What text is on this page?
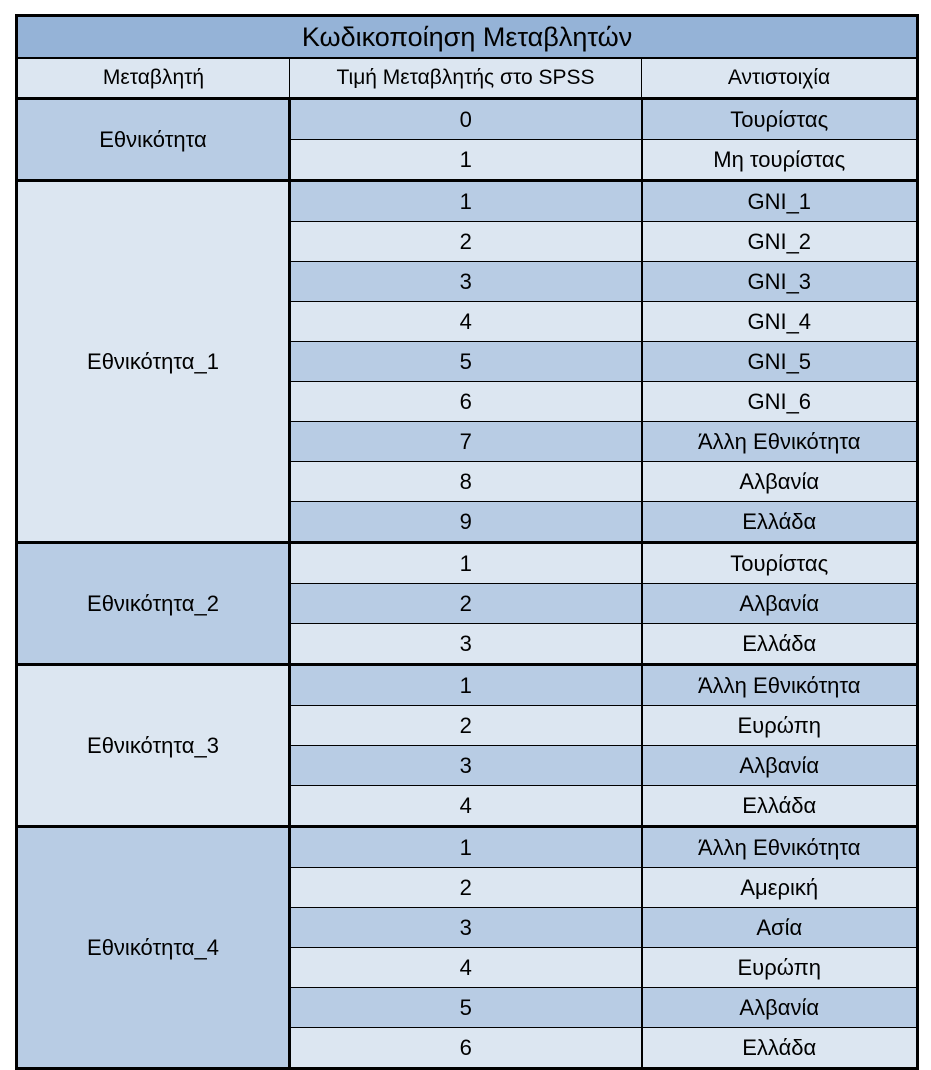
Κωδικοποίηση Μεταβλητών		
Μεταβλητή	Τιμή Μεταβλητής στο SPSS	Αντιστοιχία
Εθνικότητα	0	Τουρίστας
	1	Μη τουρίστας
Εθνικότητα_1	1	GNI_1
	2	GNI_2
	3	GNI_3
	4	GNI_4
	5	GNI_5
	6	GNI_6
	7	Άλλη Εθνικότητα
	8	Αλβανία
	9	Ελλάδα
Εθνικότητα_2	1	Τουρίστας
	2	Αλβανία
	3	Ελλάδα
Εθνικότητα_3	1	Άλλη Εθνικότητα
	2	Ευρώπη
	3	Αλβανία
	4	Ελλάδα
Εθνικότητα_4	1	Άλλη Εθνικότητα
	2	Αμερική
	3	Ασία
	4	Ευρώπη
	5	Αλβανία
	6	Ελλάδα
